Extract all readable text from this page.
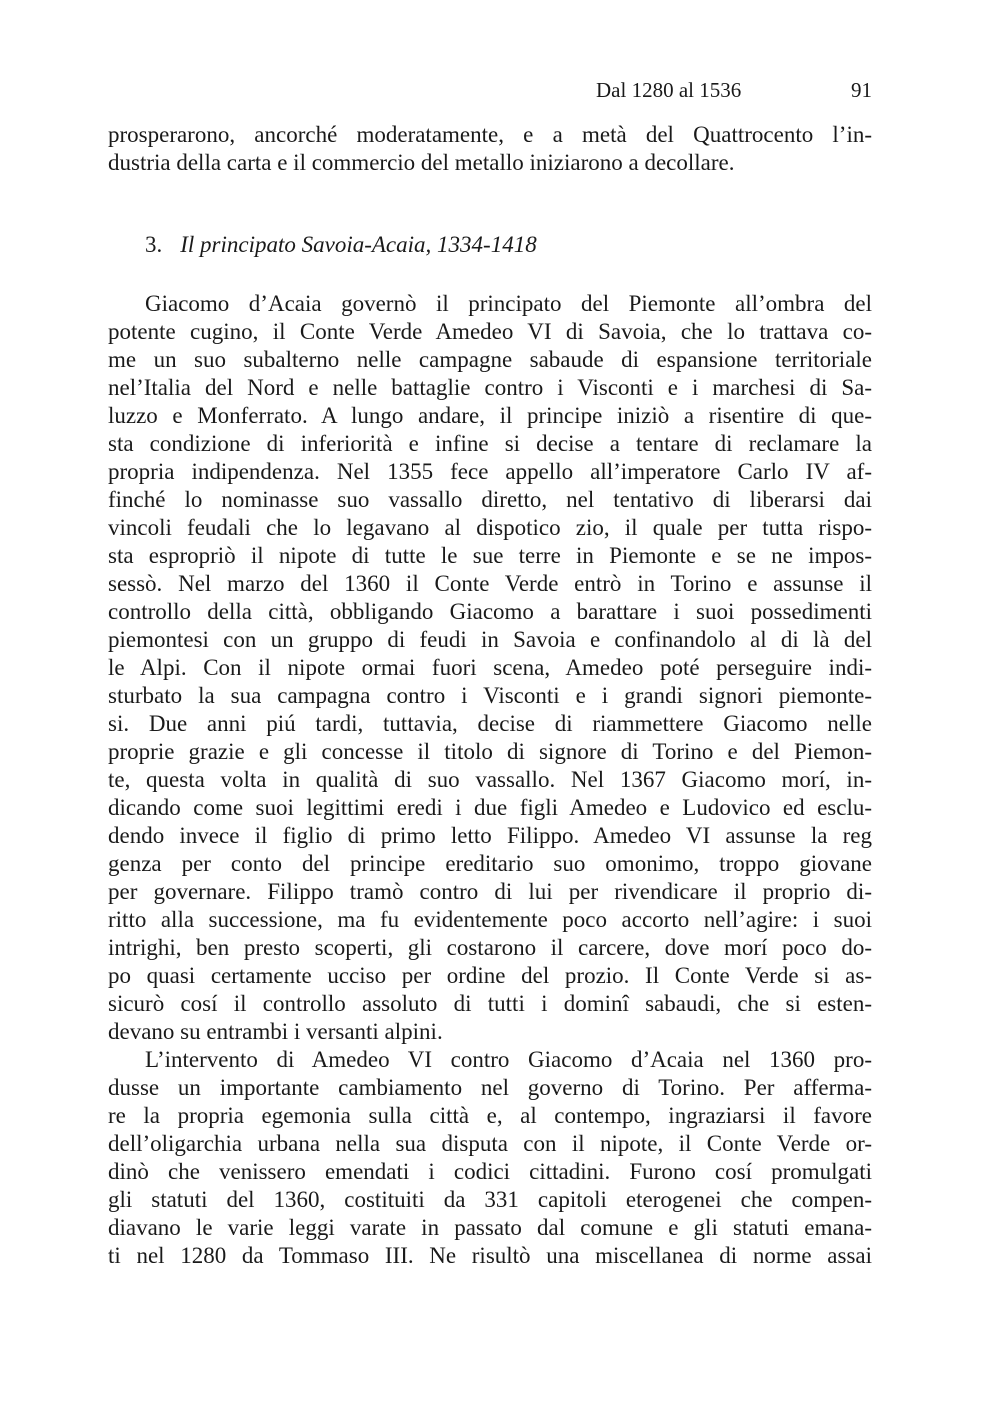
Dal 1280 al 1536	91
prosperarono, ancorché moderatamente, e a metà del Quattrocento l’in-
dustria della carta e il commercio del metallo iniziarono a decollare.
3. Il principato Savoia-Acaia, 1334-1418
Giacomo d’Acaia governò il principato del Piemonte all’ombra del
potente cugino, il Conte Verde Amedeo VI di Savoia, che lo trattava co-
me un suo subalterno nelle campagne sabaude di espansione territoriale
nel’Italia del Nord e nelle battaglie contro i Visconti e i marchesi di Sa-
luzzo e Monferrato. A lungo andare, il principe iniziò a risentire di que-
sta condizione di inferiorità e infine si decise a tentare di reclamare la
propria indipendenza. Nel 1355 fece appello all’imperatore Carlo IV af-
finché lo nominasse suo vassallo diretto, nel tentativo di liberarsi dai
vincoli feudali che lo legavano al dispotico zio, il quale per tutta rispo-
sta espropriò il nipote di tutte le sue terre in Piemonte e se ne impos-
sessò. Nel marzo del 1360 il Conte Verde entrò in Torino e assunse il
controllo della città, obbligando Giacomo a barattare i suoi possedimenti
piemontesi con un gruppo di feudi in Savoia e confinandolo al di là del
le Alpi. Con il nipote ormai fuori scena, Amedeo poté perseguire indi-
sturbato la sua campagna contro i Visconti e i grandi signori piemonte-
si. Due anni piú tardi, tuttavia, decise di riammettere Giacomo nelle
proprie grazie e gli concesse il titolo di signore di Torino e del Piemon-
te, questa volta in qualità di suo vassallo. Nel 1367 Giacomo morí, in-
dicando come suoi legittimi eredi i due figli Amedeo e Ludovico ed esclu-
dendo invece il figlio di primo letto Filippo. Amedeo VI assunse la reg
genza per conto del principe ereditario suo omonimo, troppo giovane
per governare. Filippo tramò contro di lui per rivendicare il proprio di-
ritto alla successione, ma fu evidentemente poco accorto nell’agire: i suoi
intrighi, ben presto scoperti, gli costarono il carcere, dove morí poco do-
po quasi certamente ucciso per ordine del prozio. Il Conte Verde si as-
sicurò cosí il controllo assoluto di tutti i dominî sabaudi, che si esten-
devano su entrambi i versanti alpini.
L’intervento di Amedeo VI contro Giacomo d’Acaia nel 1360 pro-
dusse un importante cambiamento nel governo di Torino. Per afferma-
re la propria egemonia sulla città e, al contempo, ingraziarsi il favore
dell’oligarchia urbana nella sua disputa con il nipote, il Conte Verde or-
dinò che venissero emendati i codici cittadini. Furono cosí promulgati
gli statuti del 1360, costituiti da 331 capitoli eterogenei che compen-
diavano le varie leggi varate in passato dal comune e gli statuti emana-
ti nel 1280 da Tommaso III. Ne risultò una miscellanea di norme assai
